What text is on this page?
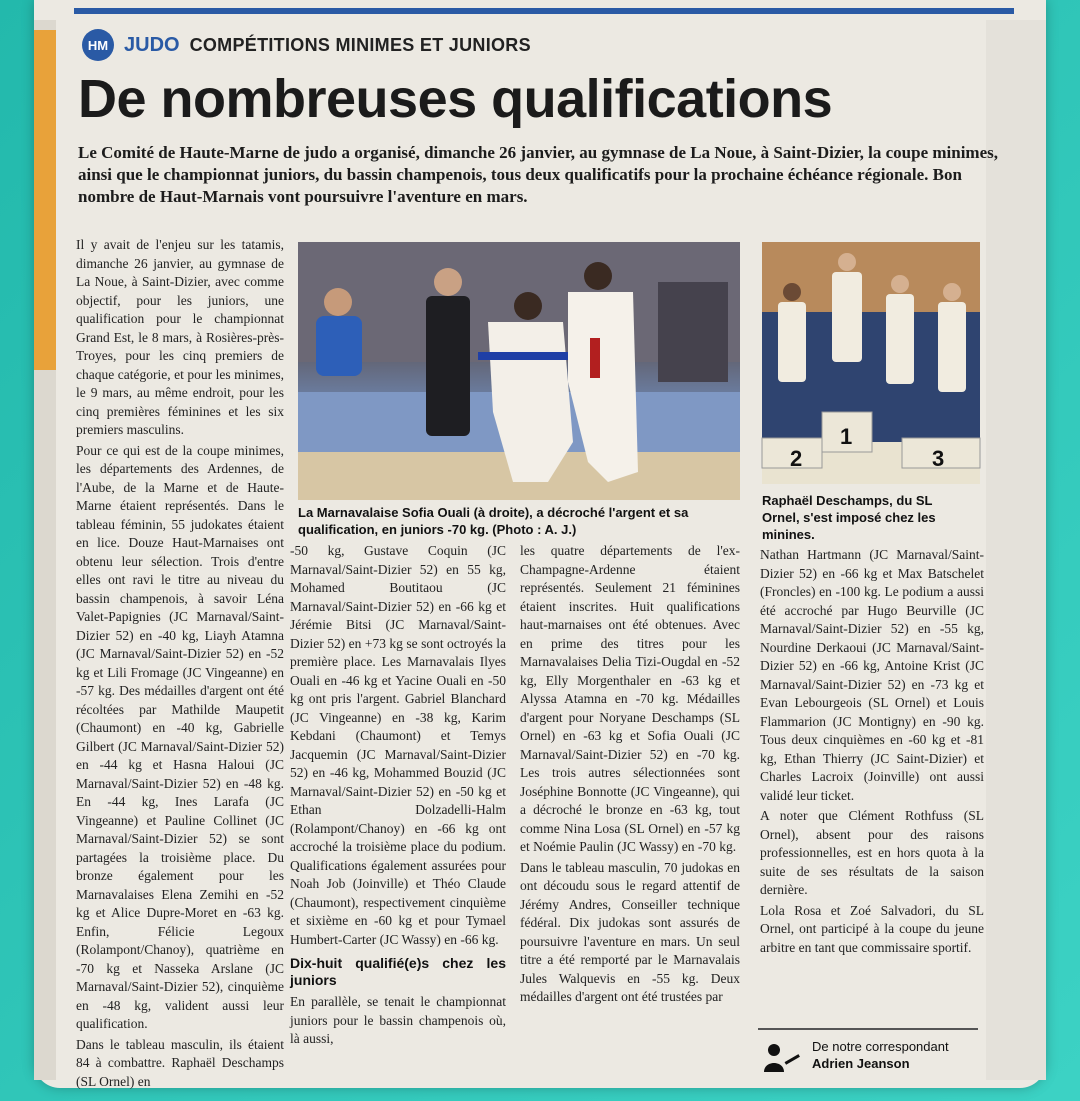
HM JUDO COMPÉTITIONS MINIMES ET JUNIORS
De nombreuses qualifications
Le Comité de Haute-Marne de judo a organisé, dimanche 26 janvier, au gymnase de La Noue, à Saint-Dizier, la coupe minimes, ainsi que le championnat juniors, du bassin champenois, tous deux qualificatifs pour la prochaine échéance régionale. Bon nombre de Haut-Marnais vont poursuivre l'aventure en mars.

Il y avait de l'enjeu sur les tatamis, dimanche 26 janvier, au gymnase de La Noue, à Saint-Dizier, avec comme objectif, pour les juniors, une qualification pour le championnat Grand Est, le 8 mars, à Rosières-près-Troyes, pour les cinq premiers de chaque catégorie, et pour les minimes, le 9 mars, au même endroit, pour les cinq premières féminines et les six premiers masculins.

Pour ce qui est de la coupe minimes, les départements des Ardennes, de l'Aube, de la Marne et de Haute-Marne étaient représentés. Dans le tableau féminin, 55 judokates étaient en lice. Douze Haut-Marnaises ont obtenu leur sélection. Trois d'entre elles ont ravi le titre au niveau du bassin champenois, à savoir Léna Valet-Papignies (JC Marnaval/Saint-Dizier 52) en -40 kg, Liayh Atamna (JC Marnaval/Saint-Dizier 52) en -52 kg et Lili Fromage (JC Vingeanne) en -57 kg. Des médailles d'argent ont été récoltées par Mathilde Maupetit (Chaumont) en -40 kg, Gabrielle Gilbert (JC Marnaval/Saint-Dizier 52) en -44 kg et Hasna Haloui (JC Marnaval/Saint-Dizier 52) en -48 kg. En -44 kg, Ines Larafa (JC Vingeanne) et Pauline Collinet (JC Marnaval/Saint-Dizier 52) se sont partagées la troisième place. Du bronze également pour les Marnavalaises Elena Zemihi en -52 kg et Alice Dupre-Moret en -63 kg. Enfin, Félicie Legoux (Rolampont/Chanoy), quatrième en -70 kg et Nasseka Arslane (JC Marnaval/Saint-Dizier 52), cinquième en -48 kg, valident aussi leur qualification.

Dans le tableau masculin, ils étaient 84 à combattre. Raphaël Deschamps (SL Ornel) en

La Marnavalaise Sofia Ouali (à droite), a décroché l'argent et sa qualification, en juniors -70 kg. (Photo : A. J.)
2
1
3
Raphaël Deschamps, du SL Ornel, s'est imposé chez les minines.

-50 kg, Gustave Coquin (JC Marnaval/Saint-Dizier 52) en 55 kg, Mohamed Boutitaou (JC Marnaval/Saint-Dizier 52) en -66 kg et Jérémie Bitsi (JC Marnaval/Saint-Dizier 52) en +73 kg se sont octroyés la première place. Les Marnavalais Ilyes Ouali en -46 kg et Yacine Ouali en -50 kg ont pris l'argent. Gabriel Blanchard (JC Vingeanne) en -38 kg, Karim Kebdani (Chaumont) et Temys Jacquemin (JC Marnaval/Saint-Dizier 52) en -46 kg, Mohammed Bouzid (JC Marnaval/Saint-Dizier 52) en -50 kg et Ethan Dolzadelli-Halm (Rolampont/Chanoy) en -66 kg ont accroché la troisième place du podium. Qualifications également assurées pour Noah Job (Joinville) et Théo Claude (Chaumont), respectivement cinquième et sixième en -60 kg et pour Tymael Humbert-Carter (JC Wassy) en -66 kg.

Dix-huit qualifié(e)s chez les juniors

En parallèle, se tenait le championnat juniors pour le bassin champenois où, là aussi,

les quatre départements de l'ex-Champagne-Ardenne étaient représentés. Seulement 21 féminines étaient inscrites. Huit qualifications haut-marnaises ont été obtenues. Avec en prime des titres pour les Marnavalaises Delia Tizi-Ougdal en -52 kg, Elly Morgenthaler en -63 kg et Alyssa Atamna en -70 kg. Médailles d'argent pour Noryane Deschamps (SL Ornel) en -63 kg et Sofia Ouali (JC Marnaval/Saint-Dizier 52) en -70 kg. Les trois autres sélectionnées sont Joséphine Bonnotte (JC Vingeanne), qui a décroché le bronze en -63 kg, tout comme Nina Losa (SL Ornel) en -57 kg et Noémie Paulin (JC Wassy) en -70 kg.

Dans le tableau masculin, 70 judokas en ont découdu sous le regard attentif de Jérémy Andres, Conseiller technique fédéral. Dix judokas sont assurés de poursuivre l'aventure en mars. Un seul titre a été remporté par le Marnavalais Jules Walquevis en -55 kg. Deux médailles d'argent ont été trustées par

Nathan Hartmann (JC Marnaval/Saint-Dizier 52) en -66 kg et Max Batschelet (Froncles) en -100 kg. Le podium a aussi été accroché par Hugo Beurville (JC Marnaval/Saint-Dizier 52) en -55 kg, Nourdine Derkaoui (JC Marnaval/Saint-Dizier 52) en -66 kg, Antoine Krist (JC Marnaval/Saint-Dizier 52) en -73 kg et Evan Lebourgeois (SL Ornel) et Louis Flammarion (JC Montigny) en -90 kg. Tous deux cinquièmes en -60 kg et -81 kg, Ethan Thierry (JC Saint-Dizier) et Charles Lacroix (Joinville) ont aussi validé leur ticket.

A noter que Clément Rothfuss (SL Ornel), absent pour des raisons professionnelles, est en hors quota à la suite de ses résultats de la saison dernière.

Lola Rosa et Zoé Salvadori, du SL Ornel, ont participé à la coupe du jeune arbitre en tant que commissaire sportif.

De notre correspondant
Adrien Jeanson
